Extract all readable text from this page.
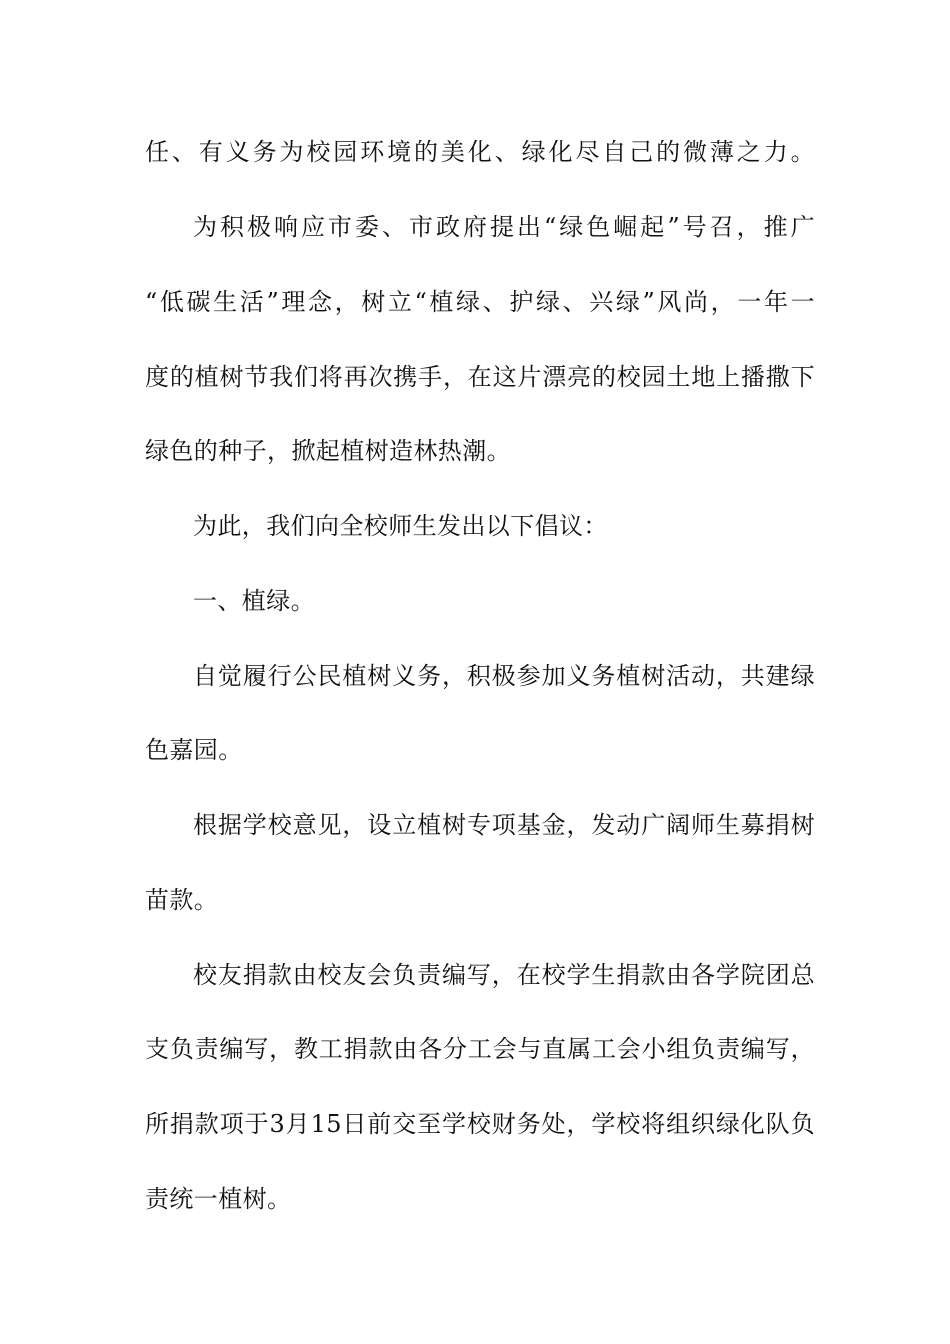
任、有义务为校园环境的美化、绿化尽自己的微薄之力。
为积极响应市委、市政府提出“绿色崛起”号召，推广
“低碳生活”理念，树立“植绿、护绿、兴绿”风尚，一年一
度的植树节我们将再次携手，在这片漂亮的校园土地上播撒下
绿色的种子，掀起植树造林热潮。
为此，我们向全校师生发出以下倡议：
一、植绿。
自觉履行公民植树义务，积极参加义务植树活动，共建绿
色嘉园。
根据学校意见，设立植树专项基金，发动广阔师生募捐树
苗款。
校友捐款由校友会负责编写，在校学生捐款由各学院团总
支负责编写，教工捐款由各分工会与直属工会小组负责编写，
所捐款项于3月15日前交至学校财务处，学校将组织绿化队负
责统一植树。
